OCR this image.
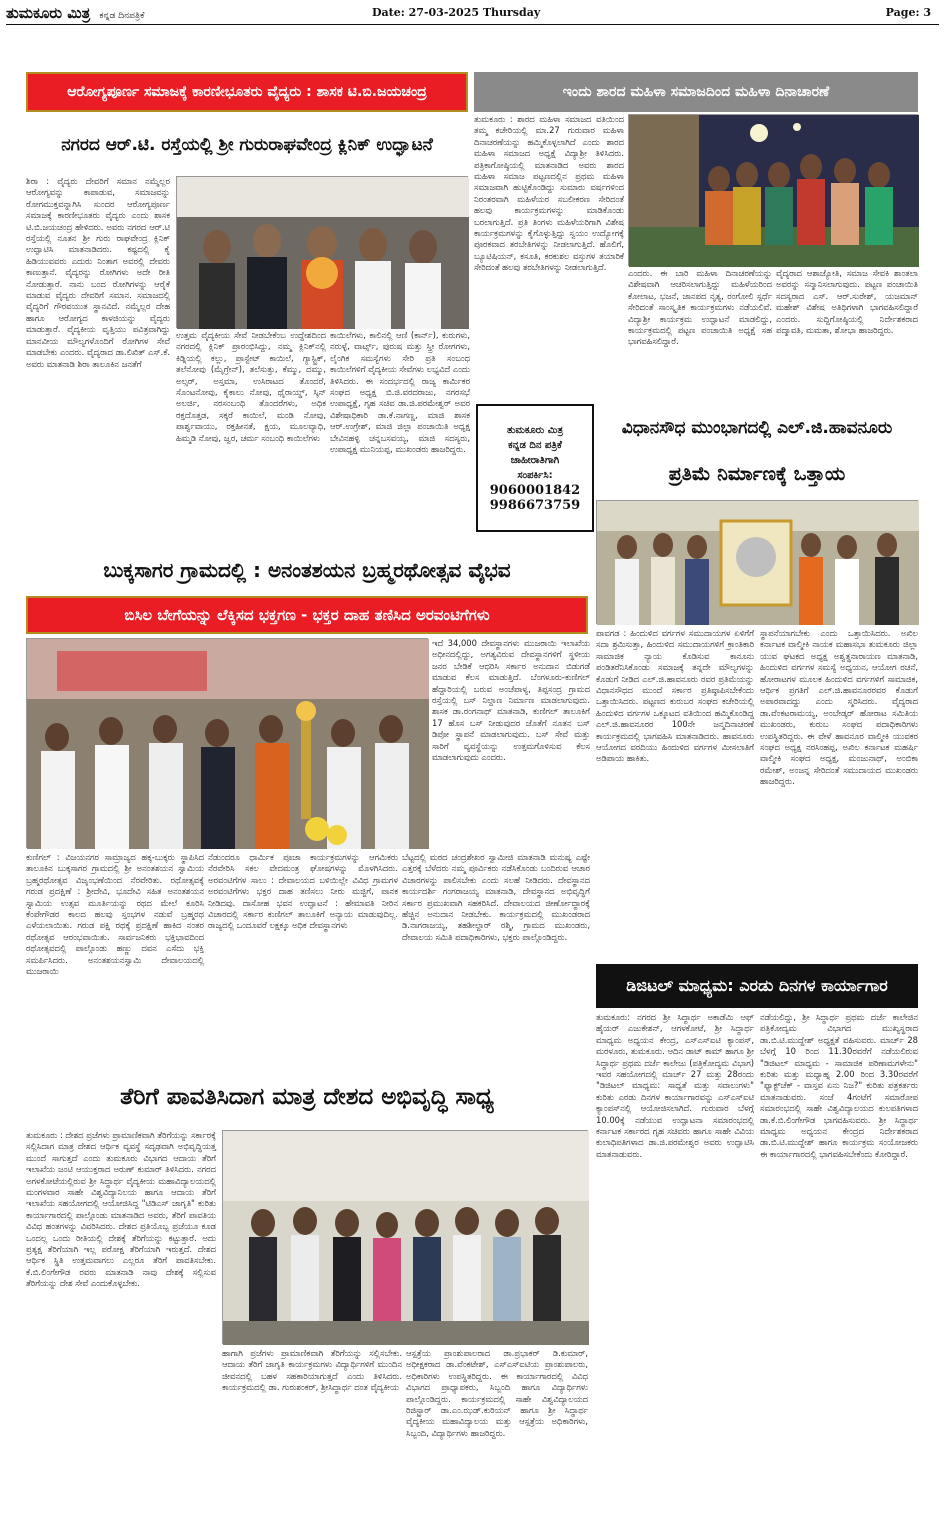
ತುಮಕೂರು ಮಿತ್ರ ಕನ್ನಡ ದಿನಪತ್ರಿಕೆ	Date: 27-03-2025 Thursday	Page: 3
ಆರೋಗ್ಯಪೂರ್ಣ ಸಮಾಜಕ್ಕೆ ಕಾರಣೀಭೂತರು ವೈದ್ಯರು : ಶಾಸಕ ಟಿ.ಬಿ.ಜಯಚಂದ್ರ
ನಗರದ ಆರ್.ಟಿ. ರಸ್ತೆಯಲ್ಲಿ ಶ್ರೀ ಗುರುರಾಘವೇಂದ್ರ ಕ್ಲಿನಿಕ್ ಉದ್ಘಾಟನೆ
ಶಿರಾ : ವೈದ್ಯರು ದೇವರಿಗೆ ಸಮಾನ ನಮ್ಮೆಲ್ಲರ ಆರೋಗ್ಯವನ್ನು ಕಾಪಾಡುವ, ಸಮಾಜವನ್ನು ರೋಗಮುಕ್ತವನ್ನಾಗಿಸಿ ಸುಂದರ ಆರೋಗ್ಯಪೂರ್ಣ ಸಮಾಜಕ್ಕೆ ಕಾರಣೀಭೂತರು ವೈದ್ಯರು ಎಂದು ಶಾಸಕ ಟಿ.ಬಿ.ಜಯಚಂದ್ರ ಹೇಳಿದರು. ಅವರು ನಗರದ ಆರ್.ಟಿ ರಸ್ತೆಯಲ್ಲಿ ನೂತನ ಶ್ರೀ ಗುರು ರಾಘವೇಂದ್ರ ಕ್ಲಿನಿಕ್ ಉದ್ಘಾಟಿಸಿ ಮಾತನಾಡಿದರು. ಕಷ್ಟದಲ್ಲಿ ಕೈ ಹಿಡಿಯುವವರು ಎದುರು ನಿಂತಾಗ ಅವರಲ್ಲಿ ದೇವರು ಕಾಣುತ್ತಾನೆ. ವೈದ್ಯರನ್ನು ರೋಗಿಗಳು ಅದೇ ರೀತಿ ನೋಡುತ್ತಾರೆ. ನಾನು ಬಂದ ರೋಗಿಗಳನ್ನು ಆರೈಕೆ ಮಾಡುವ ವೈದ್ಯರು ದೇವರಿಗೆ ಸಮಾನ. ಸಮಾಜದಲ್ಲಿ ವೈದ್ಯರಿಗೆ ಗೌರವಯುತ ಸ್ಥಾನವಿದೆ. ನಮ್ಮೆಲ್ಲರ ದೇಹ ಹಾಗೂ ಆರೋಗ್ಯದ ಕಾಳಜಿಯನ್ನು ವೈದ್ಯರು ಮಾಡುತ್ತಾರೆ. ವೈದ್ಯಕೀಯ ವೃತ್ತಿಯು ಪವಿತ್ರವಾಗಿದ್ದು ಮಾನವೀಯ ಮೌಲ್ಯಗಳೊಂದಿಗೆ ರೋಗಿಗಳ ಸೇವೆ ಮಾಡಬೇಕು ಎಂದರು. ವೈದ್ಯರಾದ ಡಾ.ಲಿಖಿತ್ ಎಸ್.ಕೆ. ಅವರು ಮಾತನಾಡಿ ಶಿರಾ ತಾಲೂಕಿನ ಜನತೆಗೆ
ಉತ್ತಮ ವೈದ್ಯಕೀಯ ಸೇವೆ ನೀಡಬೇಕೆಂಬ ಉದ್ದೇಶದಿಂದ ನಗರದಲ್ಲಿ ಕ್ಲಿನಿಕ್ ಪ್ರಾರಂಭಿಸಿದ್ದು, ನಮ್ಮ ಕ್ಲಿನಿಕ್‌ನಲ್ಲಿ ಕಿಡ್ನಿಯಲ್ಲಿ ಕಲ್ಲು, ಪ್ರಾಸ್ಟೇಟ್ ಕಾಯಿಲೆ, ಗ್ಯಾಸ್ಟ್ರಿಕ್, ತಲೆನೋವು (ಮೈಗ್ರೇನ್), ತಲೆಸುತ್ತು, ಕೆಮ್ಮು, ದಮ್ಮು, ಅಲ್ಸರ್, ಅಸ್ತಮಾ, ಉಸಿರಾಟದ ತೊಂದರೆ, ಸೊಂಟನೋವು, ಕೈಕಾಲು ನೋವು, ಥೈರಾಯ್ಡ್, ಸ್ಕಿನ್ ಅಲರ್ಜಿ, ನರಸಂಬಂಧಿ ತೊಂದರೆಗಳು, ಅಧಿಕ ರಕ್ತದೊತ್ತಡ, ಸಕ್ಕರೆ ಕಾಯಿಲೆ, ಮಂಡಿ ನೋವು, ಪಾರ್ಶ್ವವಾಯು, ರಕ್ತಹೀನತೆ, ಕ್ಷಯ, ಮೂಲವ್ಯಾಧಿ, ಹಿಮ್ಮಡಿ ನೋವು, ಜ್ವರ, ಚರ್ಮ ಸಂಬಂಧಿ ಕಾಯಿಲೆಗಳು
ಕಾಯಿಲೆಗಳು, ಕಾಲಿನಲ್ಲಿ ಆಣಿ (ಕಾರ್ನ್), ಕುರುಗಳು, ನರುಳ್ಳೆ, ವಾರ್ಟ್ಸ್, ಪುರುಷ ಮತ್ತು ಸ್ತ್ರೀ ರೋಗಗಳು, ಲೈಂಗಿಕ ಸಮಸ್ಯೆಗಳು ಸೇರಿ ಪ್ರತಿ ಸಂಬಂಧ ಕಾಯಿಲೆಗಳಿಗೆ ವೈದ್ಯಕೀಯ ಸೇವೆಗಳು ಲಭ್ಯವಿದೆ ಎಂದು ತಿಳಿಸಿದರು. ಈ ಸಂದರ್ಭದಲ್ಲಿ ರಾಜ್ಯ ಕಾರ್ಮಿಕರ ಸಂಘದ ಅಧ್ಯಕ್ಷ ಬಿ.ಜಿ.ವರದರಾಜು, ನಗರಸಭೆ ಉಪಾಧ್ಯಕ್ಷೆ, ಗೃಹ ಸಚಿವ ಡಾ.ಜಿ.ಪರಮೇಶ್ವರ್ ಅವರ ವಿಶೇಷಾಧಿಕಾರಿ ಡಾ.ಕೆ.ನಾಗಣ್ಣ, ಮಾಜಿ ಶಾಸಕ ಆರ್.ಉಗ್ರೇಶ್, ಮಾಜಿ ಜಿಲ್ಲಾ ಪಂಚಾಯಿತಿ ಅಧ್ಯಕ್ಷ ಬೇವಿನಹಳ್ಳಿ ಚನ್ನಬಸವಯ್ಯ, ಮಾಜಿ ಸದಸ್ಯರು, ಉಪಾಧ್ಯಕ್ಷ ಮುನಿಯಪ್ಪ, ಮುಖಂಡರು ಹಾಜರಿದ್ದರು.
ಇಂದು ಶಾರದ ಮಹಿಳಾ ಸಮಾಜದಿಂದ ಮಹಿಳಾ ದಿನಾಚಾರಣೆ
ತುಮಕೂರು : ಶಾರದ ಮಹಿಳಾ ಸಮಾಜದ ವತಿಯಿಂದ ತಮ್ಮ ಕಚೇರಿಯಲ್ಲಿ ಮಾ.27 ಗುರುವಾರ ಮಹಿಳಾ ದಿನಾಚರಣೆಯನ್ನು ಹಮ್ಮಿಕೊಳ್ಳಲಾಗಿದೆ ಎಂದು ಶಾರದ ಮಹಿಳಾ ಸಮಾಜದ ಅಧ್ಯಕ್ಷೆ ವಿದ್ಯಾಶ್ರೀ ತಿಳಿಸಿದರು. ಪತ್ರಿಕಾಗೋಷ್ಠಿಯಲ್ಲಿ ಮಾತನಾಡಿದ ಅವರು ಶಾರದ ಮಹಿಳಾ ಸಮಾಜ ಪಟ್ಟಣದಲ್ಲಿನ ಪ್ರಥಮ ಮಹಿಳಾ ಸಮಾಜವಾಗಿ ಹುಟ್ಟಿಕೊಂಡಿದ್ದು ಸುಮಾರು ವರ್ಷಗಳಿಂದ ನಿರಂತರವಾಗಿ ಮಹಿಳೆಯರ ಸಬಲೀಕರಣ ಸೇರಿದಂತೆ ಹಲವು ಕಾರ್ಯಕ್ರಮಗಳನ್ನು ಮಾಡಿಕೊಂಡು ಬರಲಾಗುತ್ತಿದೆ. ಪ್ರತಿ ತಿಂಗಳು ಮಹಿಳೆಯರಿಗಾಗಿ ವಿಶೇಷ ಕಾರ್ಯಕ್ರಮಗಳನ್ನು ಕೈಗೊಳ್ಳುತ್ತಿದ್ದು ಸ್ವಯಂ ಉದ್ಯೋಗಕ್ಕೆ ಪೂರಕವಾದ ತರಬೇತಿಗಳನ್ನು ನೀಡಲಾಗುತ್ತಿದೆ. ಹೊಲಿಗೆ, ಬ್ಯೂಟಿಷಿಯನ್, ಕಸೂತಿ, ಕರಕುಶಲ ವಸ್ತುಗಳ ತಯಾರಿಕೆ ಸೇರಿದಂತೆ ಹಲವು ತರಬೇತಿಗಳನ್ನು ನೀಡಲಾಗುತ್ತಿದೆ.
ಎಂದರು. ಈ ಬಾರಿ ಮಹಿಳಾ ದಿನಾಚರಣೆಯನ್ನು ವಿಶೇಷವಾಗಿ ಆಚರಿಸಲಾಗುತ್ತಿದ್ದು ಮಹಿಳೆಯರಿಂದ ಕೋಲಾಟ, ಭಜನೆ, ಜಾನಪದ ನೃತ್ಯ, ರಂಗೋಲಿ ಸ್ಪರ್ಧೆ ಸೇರಿದಂತೆ ಸಾಂಸ್ಕೃತಿಕ ಕಾರ್ಯಕ್ರಮಗಳು ನಡೆಯಲಿವೆ. ವಿದ್ಯಾಶ್ರೀ ಕಾರ್ಯಕ್ರಮ ಉದ್ಘಾಟನೆ ಮಾಡಲಿದ್ದು, ಕಾರ್ಯಕ್ರಮದಲ್ಲಿ ಪಟ್ಟಣ ಪಂಚಾಯಿತಿ ಅಧ್ಯಕ್ಷೆ ಸಹ ಭಾಗವಹಿಸಲಿದ್ದಾರೆ.
ವೈದ್ಯರಾದ ಆಶಾಜ್ಯೋತಿ, ಸಮಾಜ ಸೇವಕಿ ಶಾಂತಲಾ ಅವರನ್ನು ಸನ್ಮಾನಿಸಲಾಗುವುದು. ಪಟ್ಟಣ ಪಂಚಾಯಿತಿ ಸದಸ್ಯರಾದ ಎಸ್. ಆರ್.ಸುರೇಶ್, ಯಜಮಾನ್ ಮಹೇಶ್ ವಿಶೇಷ ಅತಿಥಿಗಳಾಗಿ ಭಾಗವಹಿಸಲಿದ್ದಾರೆ ಎಂದರು. ಸುದ್ದಿಗೋಷ್ಠಿಯಲ್ಲಿ ನಿರ್ದೇಶಕರಾದ ಪದ್ಮಾವತಿ, ಮಮತಾ, ಶೋಭಾ ಹಾಜರಿದ್ದರು.
ತುಮಕೂರು ಮಿತ್ರ
ಕನ್ನಡ ದಿನ ಪತ್ರಿಕೆ
ಜಾಹೀರಾತಿಗಾಗಿ
ಸಂಪರ್ಕಿಸಿ:
9060001842
9986673759
ವಿಧಾನಸೌಧ ಮುಂಭಾಗದಲ್ಲಿ ಎಲ್.ಜಿ.ಹಾವನೂರು
ಪ್ರತಿಮೆ ನಿರ್ಮಾಣಕ್ಕೆ ಒತ್ತಾಯ
ಪಾವಗಡ : ಹಿಂದುಳಿದ ವರ್ಗಗಳ ಸಮುದಾಯಗಳ ಏಳಿಗೆಗೆ ಸದಾ ಶ್ರಮಿಸುತ್ತಾ, ಹಿಂದುಳಿದ ಸಮುದಾಯಗಳಿಗೆ ಕ್ರಾಂತಿಕಾರಿ ಸಾಮಾಜಿಕ ನ್ಯಾಯ ಕೊಡಿಸುವ ಕಾನೂನು ಪಂಡಿತರೆನಿಸಿಕೊಂಡು ಸಮಾಜಕ್ಕೆ ತನ್ನದೇ ಮೌಲ್ಯಗಳನ್ನು ಕೊಡುಗೆ ನೀಡಿದ ಎಲ್.ಜಿ.ಹಾವನೂರು ರವರ ಪ್ರತಿಮೆಯನ್ನು ವಿಧಾನಸೌಧದ ಮುಂದೆ ಸರ್ಕಾರ ಪ್ರತಿಷ್ಠಾಪಿಸಬೇಕೆಂದು ಒತ್ತಾಯಿಸಿದರು. ಪಟ್ಟಣದ ಕುರುಬರ ಸಂಘದ ಕಚೇರಿಯಲ್ಲಿ ಹಿಂದುಳಿದ ವರ್ಗಗಳ ಒಕ್ಕೂಟದ ವತಿಯಿಂದ ಹಮ್ಮಿಕೊಂಡಿದ್ದ ಎಲ್.ಜಿ.ಹಾವನೂರರ 100ನೇ ಜನ್ಮದಿನಾಚರಣೆ ಕಾರ್ಯಕ್ರಮದಲ್ಲಿ ಭಾಗವಹಿಸಿ ಮಾತನಾಡಿದರು. ಹಾವನೂರು ಆಯೋಗದ ವರದಿಯು ಹಿಂದುಳಿದ ವರ್ಗಗಳ ಮೀಸಲಾತಿಗೆ ಅಡಿಪಾಯ ಹಾಕಿತು.
ಸ್ಥಾಪನೆಯಾಗಬೇಕು ಎಂದು ಒತ್ತಾಯಿಸಿದರು. ಅಖಿಲ ಕರ್ನಾಟಕ ವಾಲ್ಮೀಕಿ ನಾಯಕ ಮಹಾಸಭಾ ತುಮಕೂರು ಜಿಲ್ಲಾ ಯುವ ಘಟಕದ ಅಧ್ಯಕ್ಷ ಅಶ್ವತ್ಥನಾರಾಯಣ ಮಾತನಾಡಿ, ಹಿಂದುಳಿದ ವರ್ಗಗಳ ಸಮಸ್ಯೆ ಅಧ್ಯಯನ, ಆಯೋಗ ರಚನೆ, ಹೋರಾಟಗಳ ಮೂಲಕ ಹಿಂದುಳಿದ ವರ್ಗಗಳಿಗೆ ಸಾಮಾಜಿಕ, ಆರ್ಥಿಕ ಪ್ರಗತಿಗೆ ಎಲ್.ಜಿ.ಹಾವನೂರರವರ ಕೊಡುಗೆ ಅಪಾರವಾದದ್ದು ಎಂದು ಸ್ಮರಿಸಿದರು. ವೈದ್ಯರಾದ ಡಾ.ವೆಂಕಟರಾಮಯ್ಯ, ಅಂಬೇಡ್ಕರ್ ಹೋರಾಟ ಸಮಿತಿಯ ಮುಖಂಡರು, ಕುರುಬ ಸಂಘದ ಪದಾಧಿಕಾರಿಗಳು ಉಪಸ್ಥಿತರಿದ್ದರು. ಈ ವೇಳೆ ಹಾವನೂರ ವಾಲ್ಮೀಕಿ ಯುವಕರ ಸಂಘದ ಅಧ್ಯಕ್ಷ ನರಸಿಂಹಪ್ಪ, ಅಖಿಲ ಕರ್ನಾಟಕ ಮಹರ್ಷಿ ವಾಲ್ಮೀಕಿ ಸಂಘದ ಅಧ್ಯಕ್ಷ, ಮಂಜುನಾಥ್, ಅಂಬಿಕಾ ರಮೇಶ್, ಅಂಜನ್ನ ಸೇರಿದಂತೆ ಸಮುದಾಯದ ಮುಖಂಡರು ಹಾಜರಿದ್ದರು.
ಬುಕ್ಕಸಾಗರ ಗ್ರಾಮದಲ್ಲಿ : ಅನಂತಶಯನ ಬ್ರಹ್ಮರಥೋತ್ಸವ ವೈಭವ
ಬಿಸಿಲ ಬೇಗೆಯನ್ನು ಲೆಕ್ಕಿಸದ ಭಕ್ತಗಣ - ಭಕ್ತರ ದಾಹ ತಣಿಸಿದ ಅರವಂಟಿಗೆಗಳು
ಇದೆ 34,000 ದೇವಸ್ಥಾನಗಳು ಮುಜರಾಯಿ ಇಲಾಖೆಯ ಅಧೀನದಲ್ಲಿದ್ದು, ಅಗತ್ಯವಿರುವ ದೇವಸ್ಥಾನಗಳಿಗೆ ಸ್ಥಳೀಯ ಜನರ ಬೇಡಿಕೆ ಆಧರಿಸಿ ಸರ್ಕಾರ ಅನುದಾನ ಬಿಡುಗಡೆ ಮಾಡುವ ಕೆಲಸ ಮಾಡುತ್ತಿದೆ. ಬೆಂಗಳೂರು-ಕುಣಿಗಲ್ ಹೆದ್ದಾರಿಯಲ್ಲಿ ಬರುವ ಅಂಚೆಪಾಳ್ಯ, ತಿಪ್ಪಸಂದ್ರ ಗ್ರಾಮದ ರಸ್ತೆಯಲ್ಲಿ ಬಸ್ ನಿಲ್ದಾಣ ನಿರ್ಮಾಣ ಮಾಡಲಾಗುವುದು. ಶಾಸಕ ಡಾ.ರಂಗನಾಥ್ ಮಾತನಾಡಿ, ಕುಣಿಗಲ್ ತಾಲೂಕಿಗೆ 17 ಹೊಸ ಬಸ್ ನೀಡುವುದರ ಜೊತೆಗೆ ನೂತನ ಬಸ್ ಡಿಪೋ ಸ್ಥಾಪನೆ ಮಾಡಲಾಗುವುದು. ಬಸ್ ಸೇವೆ ಮತ್ತು ಸಾರಿಗೆ ವ್ಯವಸ್ಥೆಯನ್ನು ಉತ್ತಮಗೊಳಿಸುವ ಕೆಲಸ ಮಾಡಲಾಗುವುದು ಎಂದರು.
ಕುಣಿಗಲ್ : ವಿಜಯನಗರ ಸಾಮ್ರಾಜ್ಯದ ಹಕ್ಕ-ಬುಕ್ಕರು ಸ್ಥಾಪಿಸಿದ ತಾಲೂಕಿನ ಬುಕ್ಕಸಾಗರ ಗ್ರಾಮದಲ್ಲಿ ಶ್ರೀ ಅನಂತಶಯನ ಸ್ವಾಮಿಯ ಬ್ರಹ್ಮರಥೋತ್ಸವ ವಿಜೃಂಭಣೆಯಿಂದ ನೆರವೇರಿತು. ರಥೋತ್ಸವಕ್ಕೆ ಗರುಡ ಪ್ರದಕ್ಷಿಣೆ : ಶ್ರೀದೇವಿ, ಭೂದೇವಿ ಸಹಿತ ಅನಂತಶಯನ ಸ್ವಾಮಿಯ ಉತ್ಸವ ಮೂರ್ತಿಯನ್ನು ರಥದ ಮೇಲೆ ಕೂರಿಸಿ ಕೆಂಪೇಗೌಡರ ಕಾಲದ ಹಲವು ಸ್ತಂಭಗಳ ನಡುವೆ ಬ್ರಹ್ಮರಥ ಎಳೆಯಲಾಯಿತು. ಗರುಡ ಪಕ್ಷಿ ರಥಕ್ಕೆ ಪ್ರದಕ್ಷಿಣೆ ಹಾಕಿದ ನಂತರ ರಥೋತ್ಸವ ಆರಂಭವಾಯಿತು. ಸಾರ್ವಜನಿಕರು ಭಕ್ತಿಭಾವದಿಂದ ರಥೋತ್ಸವದಲ್ಲಿ ಪಾಲ್ಗೊಂಡು ಹಣ್ಣು ದವನ ಎಸೆದು ಭಕ್ತಿ ಸಮರ್ಪಿಸಿದರು. ಅನಂತಶಯನಸ್ವಾಮಿ ದೇವಾಲಯದಲ್ಲಿ ಮುಜರಾಯಿ
ನೆಡುಂದರೂ ಧಾರ್ಮಿಕ ಪೂಜಾ ಕಾರ್ಯಕ್ರಮಗಳನ್ನು ಆಗಮಿಕರು ನೆರವೇರಿಸಿ ಸಕಲ ವೇದಮಂತ್ರ ಘೋಷಗಳನ್ನು ಮೊಳಗಿಸಿದರು. ಅರವಂಟಿಗೆಗಳ ಸಾಲು : ದೇವಾಲಯದ ಬಳಿಯಿಲ್ಲೇ ವಿವಿಧ ಗ್ರಾಮಗಳ ಅರವಂಟಿಗೆಗಳು ಭಕ್ತರ ದಾಹ ತಣಿಸಲು ನೀರು ಮಜ್ಜಿಗೆ, ಪಾನಕ ನೀಡಿದವು. ದಾಸೋಹ ಭವನ ಉದ್ಘಾಟನೆ : ಹೇಮಾವತಿ ನೀರಿನ ವಿಚಾರದಲ್ಲಿ ಸರ್ಕಾರ ಕುಣಿಗಲ್ ತಾಲೂಕಿಗೆ ಅನ್ಯಾಯ ಮಾಡುವುದಿಲ್ಲ. ರಾಜ್ಯದಲ್ಲಿ ಒಂದೂವರೆ ಲಕ್ಷಕ್ಕೂ ಅಧಿಕ ದೇವಸ್ಥಾನಗಳು
ಬೆಟ್ಟದಲ್ಲಿ ಮಠದ ಚಂದ್ರಶೇಖರ ಸ್ವಾಮೀಜಿ ಮಾತನಾಡಿ ಮನುಷ್ಯ ಎಷ್ಟೇ ಎತ್ತರಕ್ಕೆ ಬೆಳೆದರು ನಮ್ಮ ಪೂರ್ವಿಕರು ನಡೆಸಿಕೊಂಡು ಬಂದಿರುವ ಆಚಾರ ವಿಚಾರಗಳನ್ನು ಪಾಲಿಸಬೇಕು ಎಂದು ಸಲಹೆ ನೀಡಿದರು. ದೇವಸ್ಥಾನದ ಕಾರ್ಯದರ್ಶಿ ಗಂಗರಾಜಯ್ಯ ಮಾತನಾಡಿ, ದೇವಸ್ಥಾನದ ಅಭಿವೃದ್ಧಿಗೆ ಸರ್ಕಾರ ಪ್ರಮುಖವಾಗಿ ಸಹಕರಿಸಿದೆ. ದೇವಾಲಯದ ಜೀರ್ಣೋದ್ಧಾರಕ್ಕೆ ಹೆಚ್ಚಿನ ಅನುದಾನ ನೀಡಬೇಕು. ಕಾರ್ಯಕ್ರಮದಲ್ಲಿ ಮುಖಂಡರಾದ ಡಿ.ನಾಗರಾಜಯ್ಯ, ತಹಶೀಲ್ದಾರ್ ರಶ್ಮಿ, ಗ್ರಾಮದ ಮುಖಂಡರು, ದೇವಾಲಯ ಸಮಿತಿ ಪದಾಧಿಕಾರಿಗಳು, ಭಕ್ತರು ಪಾಲ್ಗೊಂಡಿದ್ದರು.
ಡಿಜಿಟಲ್ ಮಾಧ್ಯಮ: ಎರಡು ದಿನಗಳ ಕಾರ್ಯಾಗಾರ
ತುಮಕೂರು: ನಗರದ ಶ್ರೀ ಸಿದ್ಧಾರ್ಥ ಅಕಾಡೆಮಿ ಆಫ್ ಹೈಯರ್ ಎಜುಕೇಶನ್, ಆಗಳಕೋಟೆ, ಶ್ರೀ ಸಿದ್ಧಾರ್ಥ ಮಾಧ್ಯಮ ಅಧ್ಯಯನ ಕೇಂದ್ರ, ಎಸ್‌ಎಸ್‌ಐಟಿ ಕ್ಯಾಂಪಸ್, ಮರಳೂರು, ತುಮಕೂರು. ಆದಿನ ಡಾಟ್ ಕಾಮ್ ಹಾಗೂ ಶ್ರೀ ಸಿದ್ಧಾರ್ಥ ಪ್ರಥಮ ದರ್ಜೆ ಕಾಲೇಜು (ಪತ್ರಿಕೋದ್ಯಮ ವಿಭಾಗ) ಇವರ ಸಹಯೋಗದಲ್ಲಿ ಮಾರ್ಚ್ 27 ಮತ್ತು 28ರಂದು "ಡಿಜಿಟಲ್ ಮಾಧ್ಯಮ: ಸಾಧ್ಯತೆ ಮತ್ತು ಸವಾಲುಗಳು" ಕುರಿತು ಎರಡು ದಿನಗಳ ಕಾರ್ಯಾಗಾರವನ್ನು ಎಸ್‌ಎಸ್‌ಐಟಿ ಕ್ಯಾಂಪಸ್‌ನಲ್ಲಿ ಆಯೋಜಿಸಲಾಗಿದೆ. ಗುರುವಾರ ಬೆಳಗ್ಗೆ 10.00ಕ್ಕೆ ನಡೆಯುವ ಉದ್ಘಾಟನಾ ಸಮಾರಂಭದಲ್ಲಿ ಕರ್ನಾಟಕ ಸರ್ಕಾರದ ಗೃಹ ಸಚಿವರು ಹಾಗೂ ಸಾಹೇ ವಿವಿಯ ಕುಲಾಧಿಪತಿಗಳಾದ ಡಾ.ಜಿ.ಪರಮೇಶ್ವರ ಅವರು ಉದ್ಘಾಟಿಸಿ ಮಾತನಾಡುವರು.
ನಡೆಯಲಿದ್ದು, ಶ್ರೀ ಸಿದ್ಧಾರ್ಥ ಪ್ರಥಮ ದರ್ಜೆ ಕಾಲೇಜಿನ ಪತ್ರಿಕೋದ್ಯಮ ವಿಭಾಗದ ಮುಖ್ಯಸ್ಥರಾದ ಡಾ.ಬಿ.ಟಿ.ಮುದ್ದೇಶ್ ಅಧ್ಯಕ್ಷತೆ ವಹಿಸುವರು. ಮಾರ್ಚ್ 28 ಬೆಳಗ್ಗೆ 10 ರಿಂದ 11.30ರವರೆಗೆ ನಡೆಯಲಿರುವ "ಡಿಜಿಟಲ್ ಮಾಧ್ಯಮ - ಸಾಮಾಜಿಕ ಪರಿಣಾಮಗಳೇನು" ಕುರಿತು ಮತ್ತು ಮಧ್ಯಾಹ್ನ 2.00 ರಿಂದ 3.30ರವರೆಗೆ "ಫ್ಯಾಕ್ಟ್‌ಚೆಕ್ - ವಾಸ್ತವ ಏನು ನಿಜ?" ಕುರಿತು ಪತ್ರಕರ್ತರು ಮಾತನಾಡುವರು. ಸಂಜೆ 4ಗಂಟೆಗೆ ಸಮಾರೋಪ ಸಮಾರಂಭದಲ್ಲಿ ಸಾಹೇ ವಿಶ್ವವಿದ್ಯಾಲಯದ ಕುಲಪತಿಗಳಾದ ಡಾ.ಕೆ.ಬಿ.ಲಿಂಗೇಗೌಡ ಭಾಗವಹಿಸುವರು. ಶ್ರೀ ಸಿದ್ಧಾರ್ಥ ಮಾಧ್ಯಮ ಅಧ್ಯಯನ ಕೇಂದ್ರದ ನಿರ್ದೇಶಕರಾದ ಡಾ.ಬಿ.ಟಿ.ಮುದ್ದೇಶ್ ಹಾಗೂ ಕಾರ್ಯಕ್ರಮ ಸಂಯೋಜಕರು ಈ ಕಾರ್ಯಾಗಾರದಲ್ಲಿ ಭಾಗವಹಿಸಬೇಕೆಂದು ಕೋರಿದ್ದಾರೆ.
ತೆರಿಗೆ ಪಾವತಿಸಿದಾಗ ಮಾತ್ರ ದೇಶದ ಅಭಿವೃದ್ಧಿ ಸಾಧ್ಯ
ತುಮಕೂರು : ದೇಶದ ಪ್ರಜೆಗಳು ಪ್ರಾಮಾಣಿಕವಾಗಿ ತೆರಿಗೆಯನ್ನು ಸರ್ಕಾರಕ್ಕೆ ಸಲ್ಲಿಸಿದಾಗ ಮಾತ್ರ ದೇಶದ ಆರ್ಥಿಕ ವ್ಯವಸ್ಥೆ ಸದೃಢವಾಗಿ ಅಭಿವೃದ್ಧಿಯತ್ತ ಮುಂದೆ ಸಾಗುತ್ತದೆ ಎಂದು ತುಮಕೂರು ವಿಭಾಗದ ಆದಾಯ ತೆರಿಗೆ ಇಲಾಖೆಯ ಜಂಟಿ ಆಯುಕ್ತರಾದ ಅರುಣ್ ಕುಮಾರ್ ತಿಳಿಸಿದರು. ನಗರದ ಅಗಳಕೋಟೆಯಲ್ಲಿರುವ ಶ್ರೀ ಸಿದ್ಧಾರ್ಥ ವೈದ್ಯಕೀಯ ಮಹಾವಿದ್ಯಾಲಯದಲ್ಲಿ ಮಂಗಳವಾರ ಸಾಹೇ ವಿಶ್ವವಿದ್ಯಾನಿಲಯ ಹಾಗೂ ಆದಾಯ ತೆರಿಗೆ ಇಲಾಖೆಯ ಸಹಯೋಗದಲ್ಲಿ ಆಯೋಜಿಸಿದ್ದ "ಟಿಡಿಎಸ್ ಜಾಗೃತಿ" ಕುರಿತು ಕಾರ್ಯಾಗಾರದಲ್ಲಿ ಪಾಲ್ಗೊಂಡು ಮಾತನಾಡಿದ ಅವರು, ತೆರಿಗೆ ಪಾವತಿಯ ವಿವಿಧ ಹಂತಗಳನ್ನು ವಿವರಿಸಿದರು. ದೇಶದ ಪ್ರತಿಯೊಬ್ಬ ಪ್ರಜೆಯೂ ಕೂಡ ಒಂದಲ್ಲ ಒಂದು ರೀತಿಯಲ್ಲಿ ದೇಶಕ್ಕೆ ತೆರಿಗೆಯನ್ನು ಕಟ್ಟುತ್ತಾರೆ. ಅದು ಪ್ರತ್ಯಕ್ಷ ತೆರಿಗೆಯಾಗಿ ಇಲ್ಲ ಪರೋಕ್ಷ ತೆರಿಗೆಯಾಗಿ ಇರುತ್ತದೆ. ದೇಶದ ಆರ್ಥಿಕ ಸ್ಥಿತಿ ಉತ್ತಮವಾಗಲು ಎಲ್ಲರೂ ತೆರಿಗೆ ಪಾವತಿಸಬೇಕು. ಕೆ.ಬಿ.ಲಿಂಗೇಗೌಡ ರವರು ಮಾತನಾಡಿ ನಾವು ದೇಶಕ್ಕೆ ಸಲ್ಲಿಸುವ ತೆರಿಗೆಯನ್ನು ದೇಶ ಸೇವೆ ಎಂದುಕೊಳ್ಳಬೇಕು.
ಹಾಗಾಗಿ ಪ್ರಜೆಗಳು ಪ್ರಾಮಾಣಿಕವಾಗಿ ತೆರಿಗೆಯನ್ನು ಸಲ್ಲಿಸಬೇಕು. ಆದಾಯ ತೆರಿಗೆ ಜಾಗೃತಿ ಕಾರ್ಯಕ್ರಮಗಳು ವಿದ್ಯಾರ್ಥಿಗಳಿಗೆ ಮುಂದಿನ ಜೀವನದಲ್ಲಿ ಬಹಳ ಸಹಕಾರಿಯಾಗುತ್ತದೆ ಎಂದು ತಿಳಿಸಿದರು. ಕಾರ್ಯಕ್ರಮದಲ್ಲಿ ಡಾ. ಗುರುಶಂಕರ್, ಶ್ರೀಸಿದ್ಧಾರ್ಥ ದಂತ ವೈದ್ಯಕೀಯ
ಆಸ್ಪತ್ರೆಯ ಪ್ರಾಂಶುಪಾಲರಾದ ಡಾ.ಪ್ರಭಾಕರ್ ಡಿ.ಕುಮಾರ್, ಅಧೀಕ್ಷಕರಾದ ಡಾ.ವೆಂಕಟೇಶ್, ಎಸ್‌ಎಸ್‌ಐಟಿಯ ಪ್ರಾಂಶುಪಾಲರು, ಅಧಿಕಾರಿಗಳು ಉಪಸ್ಥಿತರಿದ್ದರು. ಈ ಕಾರ್ಯಾಗಾರದಲ್ಲಿ ವಿವಿಧ ವಿಭಾಗದ ಪ್ರಾಧ್ಯಾಪಕರು, ಸಿಬ್ಬಂದಿ ಹಾಗೂ ವಿದ್ಯಾರ್ಥಿಗಳು ಪಾಲ್ಗೊಂಡಿದ್ದರು. ಕಾರ್ಯಕ್ರಮದಲ್ಲಿ ಸಾಹೇ ವಿಶ್ವವಿದ್ಯಾಲಯದ ರಿಜಿಸ್ಟ್ರಾರ್ ಡಾ.ಎಂ.ಝಡ್.ಕುರಿಯನ್ ಹಾಗೂ ಶ್ರೀ ಸಿದ್ಧಾರ್ಥ ವೈದ್ಯಕೀಯ ಮಹಾವಿದ್ಯಾಲಯ ಮತ್ತು ಆಸ್ಪತ್ರೆಯ ಅಧಿಕಾರಿಗಳು, ಸಿಬ್ಬಂದಿ, ವಿದ್ಯಾರ್ಥಿಗಳು ಹಾಜರಿದ್ದರು.
